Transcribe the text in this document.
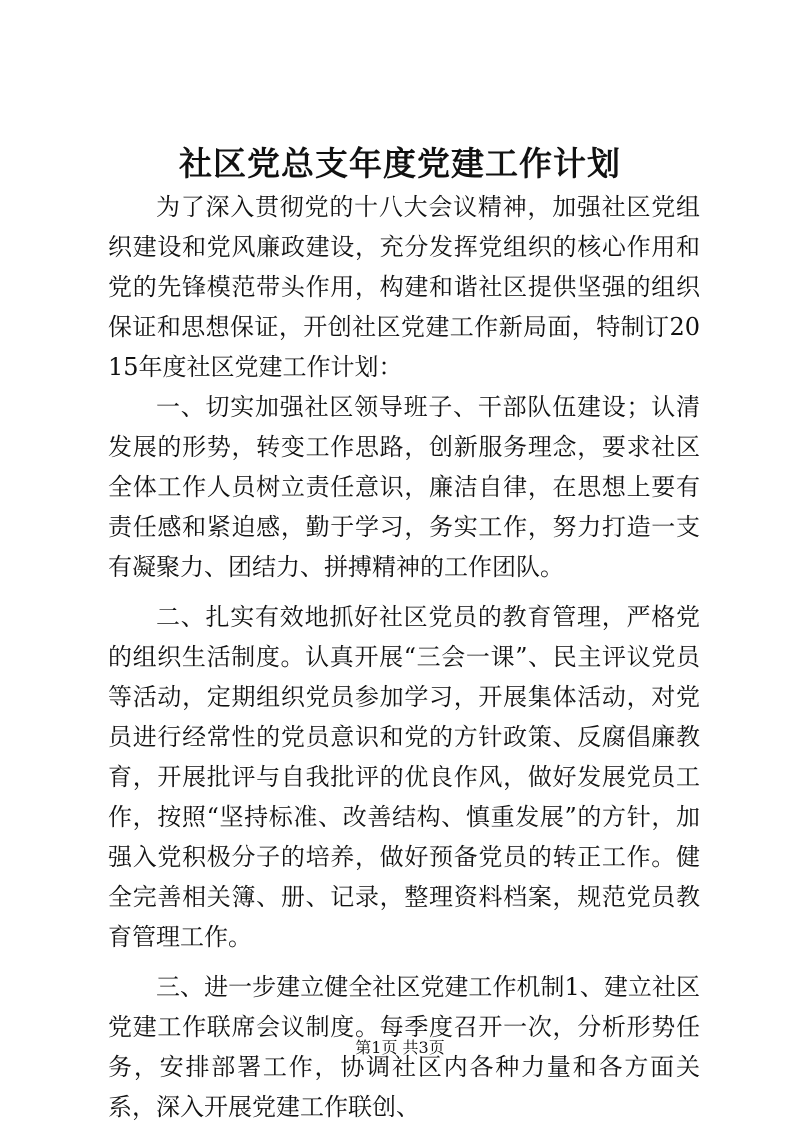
社区党总支年度党建工作计划

为了深入贯彻党的十八大会议精神，加强社区党组织建设和党风廉政建设，充分发挥党组织的核心作用和党的先锋模范带头作用，构建和谐社区提供坚强的组织保证和思想保证，开创社区党建工作新局面，特制订2015年度社区党建工作计划：

一、切实加强社区领导班子、干部队伍建设；认清发展的形势，转变工作思路，创新服务理念，要求社区全体工作人员树立责任意识，廉洁自律，在思想上要有责任感和紧迫感，勤于学习，务实工作，努力打造一支有凝聚力、团结力、拼搏精神的工作团队。

二、扎实有效地抓好社区党员的教育管理，严格党的组织生活制度。认真开展“三会一课”、民主评议党员等活动，定期组织党员参加学习，开展集体活动，对党员进行经常性的党员意识和党的方针政策、反腐倡廉教育，开展批评与自我批评的优良作风，做好发展党员工作，按照“坚持标准、改善结构、慎重发展”的方针，加强入党积极分子的培养，做好预备党员的转正工作。健全完善相关簿、册、记录，整理资料档案，规范党员教育管理工作。

三、进一步建立健全社区党建工作机制1、建立社区党建工作联席会议制度。每季度召开一次，分析形势任务，安排部署工作，协调社区内各种力量和各方面关系，深入开展党建工作联创、

第1页 共3页
